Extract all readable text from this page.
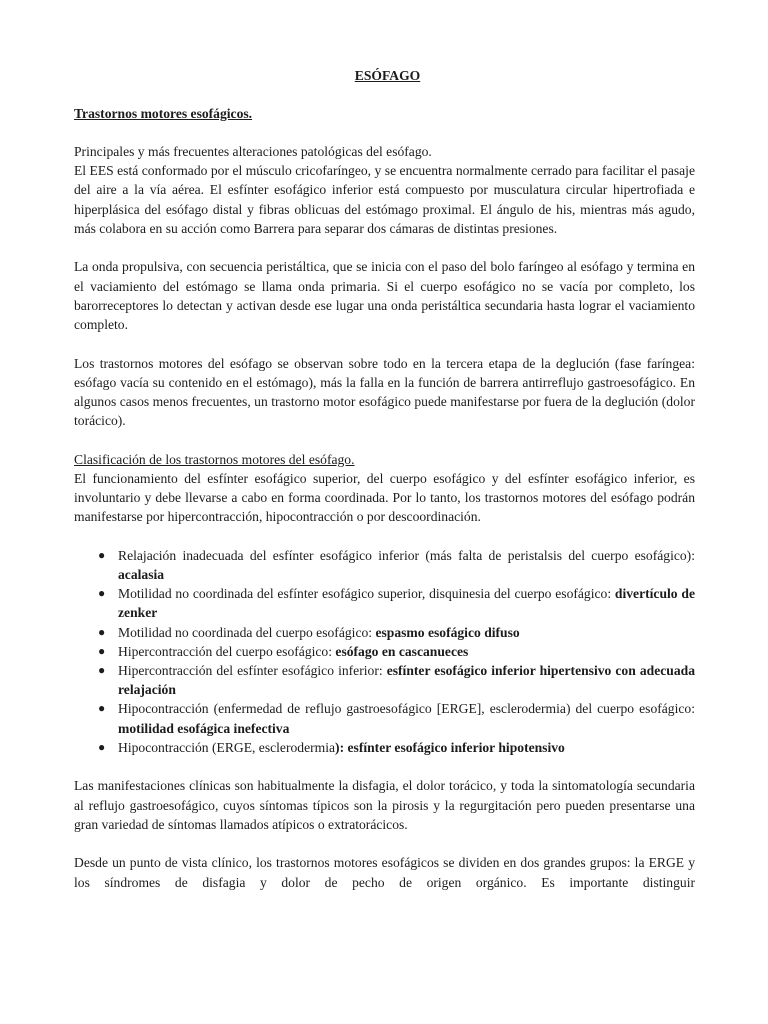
ESÓFAGO
Trastornos motores esofágicos.

Principales y más frecuentes alteraciones patológicas del esófago.

El EES está conformado por el músculo cricofaríngeo, y se encuentra normalmente cerrado para facilitar el pasaje del aire a la vía aérea. El esfínter esofágico inferior está compuesto por musculatura circular hipertrofiada e hiperplásica del esófago distal y fibras oblicuas del estómago proximal. El ángulo de his, mientras más agudo, más colabora en su acción como Barrera para separar dos cámaras de distintas presiones.

La onda propulsiva, con secuencia peristáltica, que se inicia con el paso del bolo faríngeo al esófago y termina en el vaciamiento del estómago se llama onda primaria. Si el cuerpo esofágico no se vacía por completo, los barorreceptores lo detectan y activan desde ese lugar una onda peristáltica secundaria hasta lograr el vaciamiento completo.

Los trastornos motores del esófago se observan sobre todo en la tercera etapa de la deglución (fase faríngea: esófago vacía su contenido en el estómago), más la falla en la función de barrera antirreflujo gastroesofágico. En algunos casos menos frecuentes, un trastorno motor esofágico puede manifestarse por fuera de la deglución (dolor torácico).

Clasificación de los trastornos motores del esófago.

El funcionamiento del esfínter esofágico superior, del cuerpo esofágico y del esfínter esofágico inferior, es involuntario y debe llevarse a cabo en forma coordinada. Por lo tanto, los trastornos motores del esófago podrán manifestarse por hipercontracción, hipocontracción o por descoordinación.

● Relajación inadecuada del esfínter esofágico inferior (más falta de peristalsis del cuerpo esofágico): acalasia
● Motilidad no coordinada del esfínter esofágico superior, disquinesia del cuerpo esofágico: divertículo de zenker
● Motilidad no coordinada del cuerpo esofágico: espasmo esofágico difuso
● Hipercontracción del cuerpo esofágico: esófago en cascanueces
● Hipercontracción del esfínter esofágico inferior: esfínter esofágico inferior hipertensivo con adecuada relajación
● Hipocontracción (enfermedad de reflujo gastroesofágico [ERGE], esclerodermia) del cuerpo esofágico: motilidad esofágica inefectiva
● Hipocontracción (ERGE, esclerodermia): esfínter esofágico inferior hipotensivo

Las manifestaciones clínicas son habitualmente la disfagia, el dolor torácico, y toda la sintomatología secundaria al reflujo gastroesofágico, cuyos síntomas típicos son la pirosis y la regurgitación pero pueden presentarse una gran variedad de síntomas llamados atípicos o extratorácicos.

Desde un punto de vista clínico, los trastornos motores esofágicos se dividen en dos grandes grupos: la ERGE y los síndromes de disfagia y dolor de pecho de origen orgánico. Es importante distinguir
